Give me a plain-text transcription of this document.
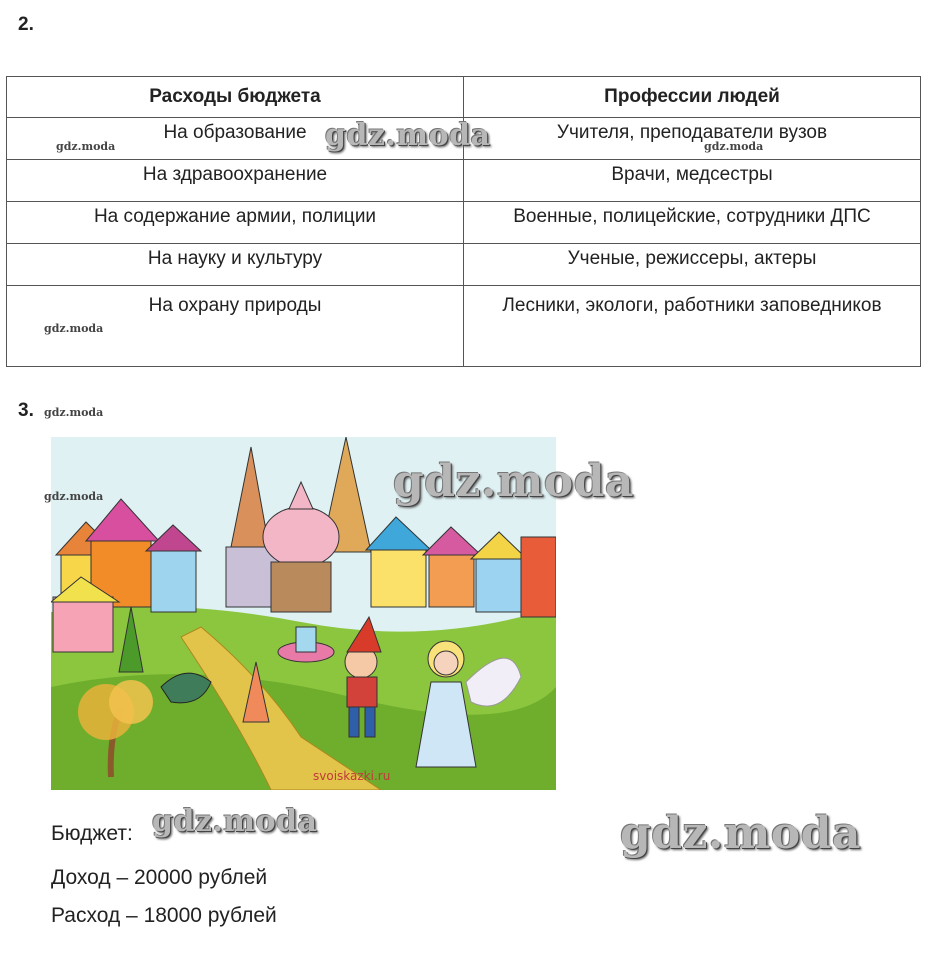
2.
Расходы бюджета	Профессии людей
На образование	Учителя, преподаватели вузов
На здравоохранение	Врачи, медсестры
На содержание армии, полиции	Военные, полицейские, сотрудники ДПС
На науку и культуру	Ученые, режиссеры, актеры
На охрану природы	Лесники, экологи, работники заповедников
3.
svoiskazki.ru
Бюджет:
Доход – 20000 рублей
Расход – 18000 рублей
gdz.moda	gdz.moda	gdz.moda
gdz.moda
gdz.moda
gdz.moda	gdz.moda
gdz.moda	gdz.moda
